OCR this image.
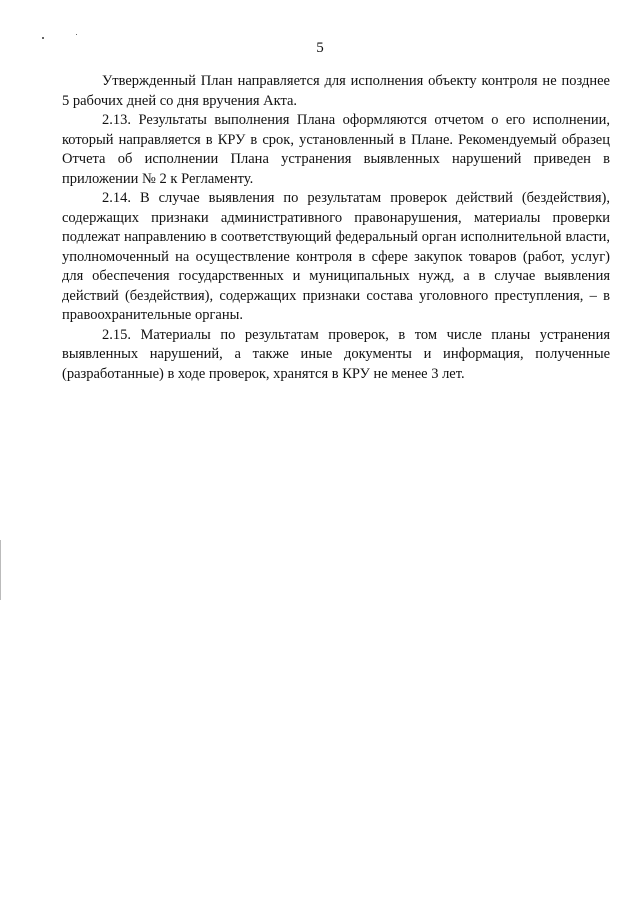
5

Утвержденный План направляется для исполнения объекту контроля не позднее 5 рабочих дней со дня вручения Акта.

2.13. Результаты выполнения Плана оформляются отчетом о его исполнении, который направляется в КРУ в срок, установленный в Плане. Рекомендуемый образец Отчета об исполнении Плана устранения выявленных нарушений приведен в приложении № 2 к Регламенту.

2.14. В случае выявления по результатам проверок действий (бездействия), содержащих признаки административного правонарушения, материалы проверки подлежат направлению в соответствующий федеральный орган исполнительной власти, уполномоченный на осуществление контроля в сфере закупок товаров (работ, услуг) для обеспечения государственных и муниципальных нужд, а в случае выявления действий (бездействия), содержащих признаки состава уголовного преступления, – в правоохранительные органы.

2.15. Материалы по результатам проверок, в том числе планы устранения выявленных нарушений, а также иные документы и информация, полученные (разработанные) в ходе проверок, хранятся в КРУ не менее 3 лет.
